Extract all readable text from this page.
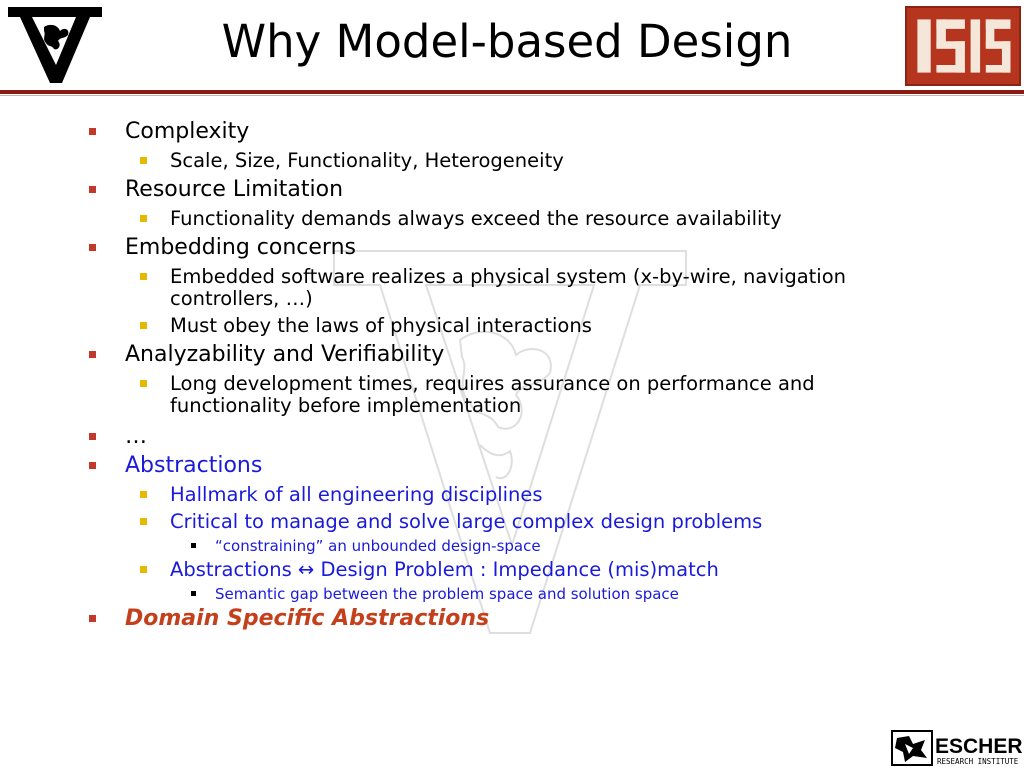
Why Model-based Design
Complexity
Scale, Size, Functionality, Heterogeneity
Resource Limitation
Functionality demands always exceed the resource availability
Embedding concerns
Embedded software realizes a physical system (x-by-wire, navigation
controllers, …)
Must obey the laws of physical interactions
Analyzability and Verifiability
Long development times, requires assurance on performance and
functionality before implementation
…
Abstractions
Hallmark of all engineering disciplines
Critical to manage and solve large complex design problems
“constraining” an unbounded design-space
Abstractions ↔ Design Problem : Impedance (mis)match
Semantic gap between the problem space and solution space
Domain Specific Abstractions
ESCHER
RESEARCH INSTITUTE
